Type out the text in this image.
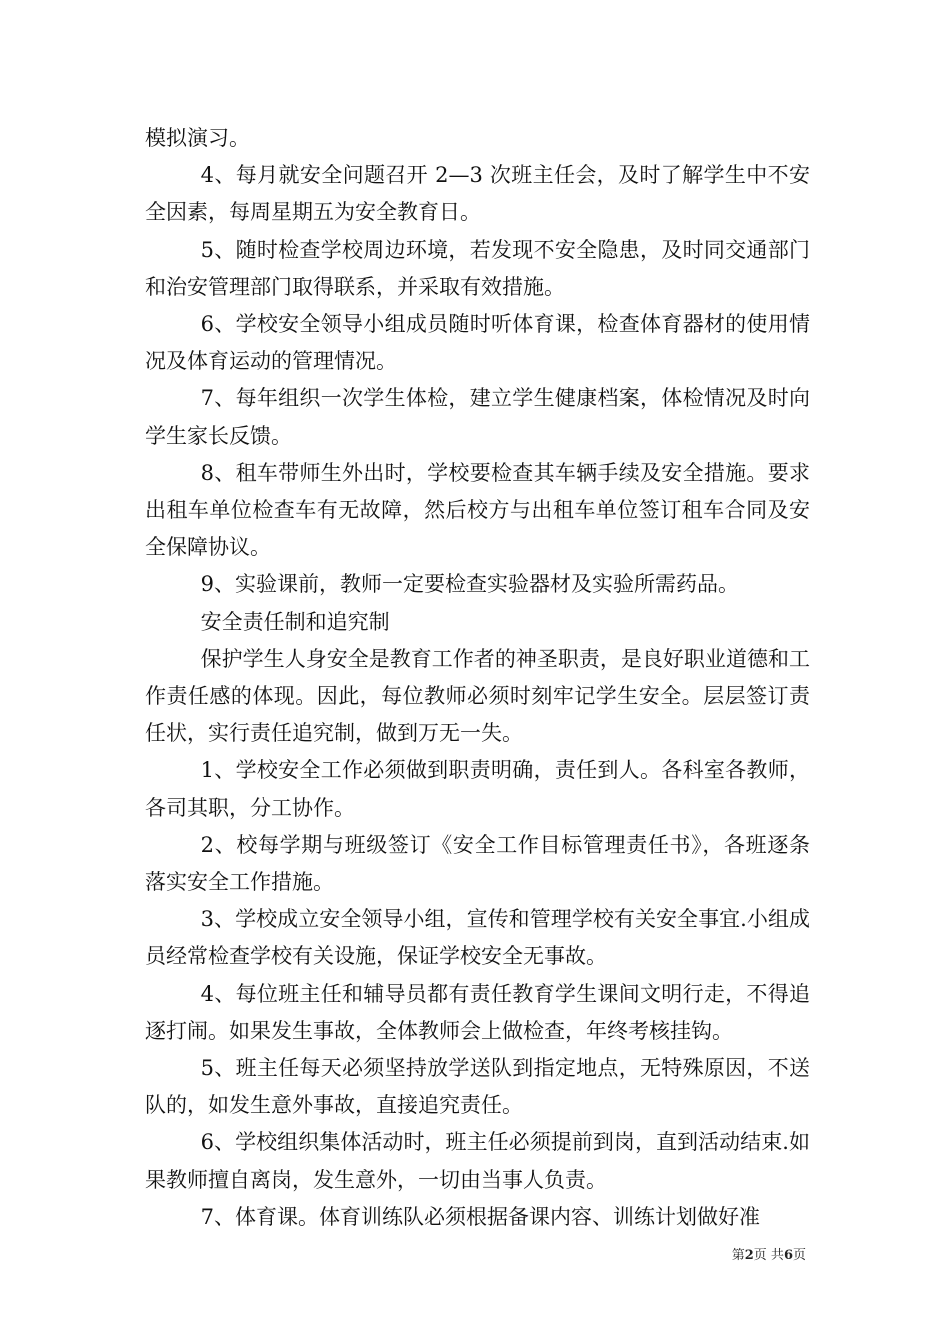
模拟演习。

4、每月就安全问题召开 2—3 次班主任会，及时了解学生中不安全因素，每周星期五为安全教育日。

5、随时检查学校周边环境，若发现不安全隐患，及时同交通部门和治安管理部门取得联系，并采取有效措施。

6、学校安全领导小组成员随时听体育课，检查体育器材的使用情况及体育运动的管理情况。

7、每年组织一次学生体检，建立学生健康档案，体检情况及时向学生家长反馈。

8、租车带师生外出时，学校要检查其车辆手续及安全措施。要求出租车单位检查车有无故障，然后校方与出租车单位签订租车合同及安全保障协议。

9、实验课前，教师一定要检查实验器材及实验所需药品。

安全责任制和追究制

保护学生人身安全是教育工作者的神圣职责，是良好职业道德和工作责任感的体现。因此，每位教师必须时刻牢记学生安全。层层签订责任状，实行责任追究制，做到万无一失。

1、学校安全工作必须做到职责明确，责任到人。各科室各教师，各司其职，分工协作。

2、校每学期与班级签订《安全工作目标管理责任书》，各班逐条落实安全工作措施。

3、学校成立安全领导小组，宣传和管理学校有关安全事宜.小组成员经常检查学校有关设施，保证学校安全无事故。

4、每位班主任和辅导员都有责任教育学生课间文明行走，不得追逐打闹。如果发生事故，全体教师会上做检查，年终考核挂钩。

5、班主任每天必须坚持放学送队到指定地点，无特殊原因，不送队的，如发生意外事故，直接追究责任。

6、学校组织集体活动时，班主任必须提前到岗，直到活动结束.如果教师擅自离岗，发生意外，一切由当事人负责。

7、体育课。体育训练队必须根据备课内容、训练计划做好准

第2页 共6页
